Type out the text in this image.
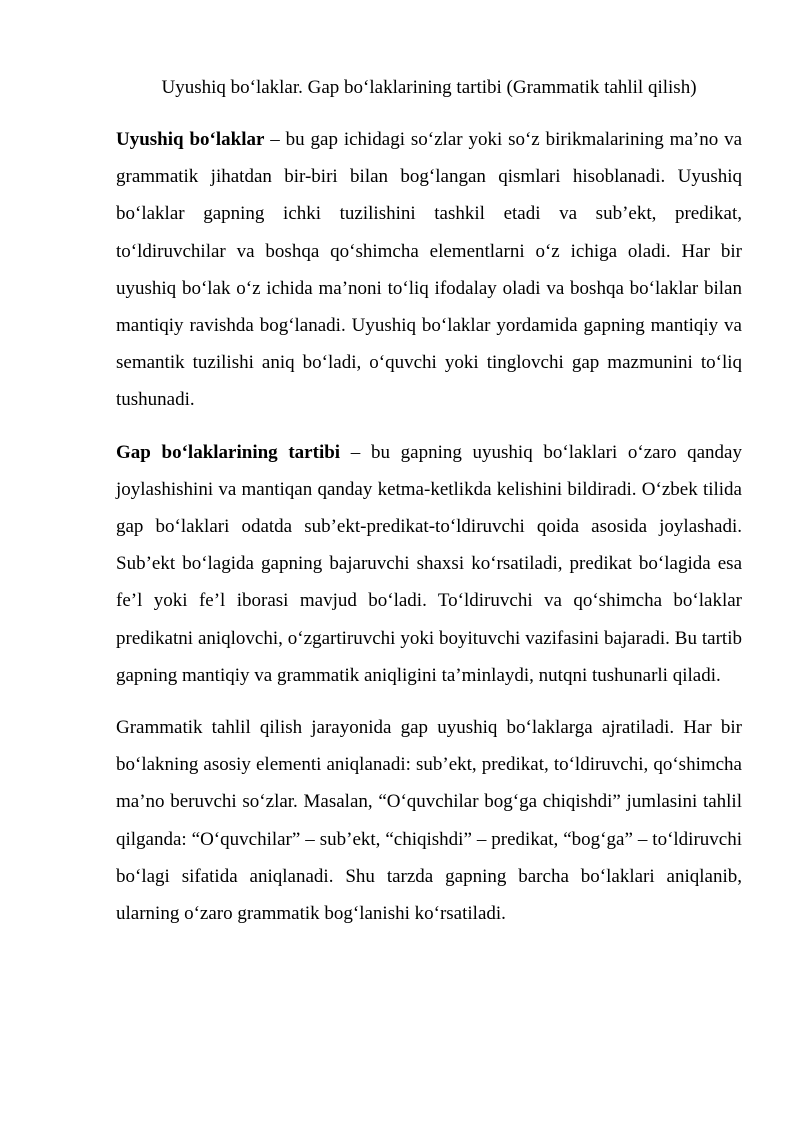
Uyushiq bo‘laklar. Gap bo‘laklarining tartibi (Grammatik tahlil qilish)

Uyushiq bo‘laklar – bu gap ichidagi so‘zlar yoki so‘z birikmalarining ma’no va grammatik jihatdan bir-biri bilan bog‘langan qismlari hisoblanadi. Uyushiq bo‘laklar gapning ichki tuzilishini tashkil etadi va sub’ekt, predikat, to‘ldiruvchilar va boshqa qo‘shimcha elementlarni o‘z ichiga oladi. Har bir uyushiq bo‘lak o‘z ichida ma’noni to‘liq ifodalay oladi va boshqa bo‘laklar bilan mantiqiy ravishda bog‘lanadi. Uyushiq bo‘laklar yordamida gapning mantiqiy va semantik tuzilishi aniq bo‘ladi, o‘quvchi yoki tinglovchi gap mazmunini to‘liq tushunadi.

Gap bo‘laklarining tartibi – bu gapning uyushiq bo‘laklari o‘zaro qanday joylashishini va mantiqan qanday ketma-ketlikda kelishini bildiradi. O‘zbek tilida gap bo‘laklari odatda sub’ekt-predikat-to‘ldiruvchi qoida asosida joylashadi. Sub’ekt bo‘lagida gapning bajaruvchi shaxsi ko‘rsatiladi, predikat bo‘lagida esa fe’l yoki fe’l iborasi mavjud bo‘ladi. To‘ldiruvchi va qo‘shimcha bo‘laklar predikatni aniqlovchi, o‘zgartiruvchi yoki boyituvchi vazifasini bajaradi. Bu tartib gapning mantiqiy va grammatik aniqligini ta’minlaydi, nutqni tushunarli qiladi.

Grammatik tahlil qilish jarayonida gap uyushiq bo‘laklarga ajratiladi. Har bir bo‘lakning asosiy elementi aniqlanadi: sub’ekt, predikat, to‘ldiruvchi, qo‘shimcha ma’no beruvchi so‘zlar. Masalan, “O‘quvchilar bog‘ga chiqishdi” jumlasini tahlil qilganda: “O‘quvchilar” – sub’ekt, “chiqishdi” – predikat, “bog‘ga” – to‘ldiruvchi bo‘lagi sifatida aniqlanadi. Shu tarzda gapning barcha bo‘laklari aniqlanib, ularning o‘zaro grammatik bog‘lanishi ko‘rsatiladi.
